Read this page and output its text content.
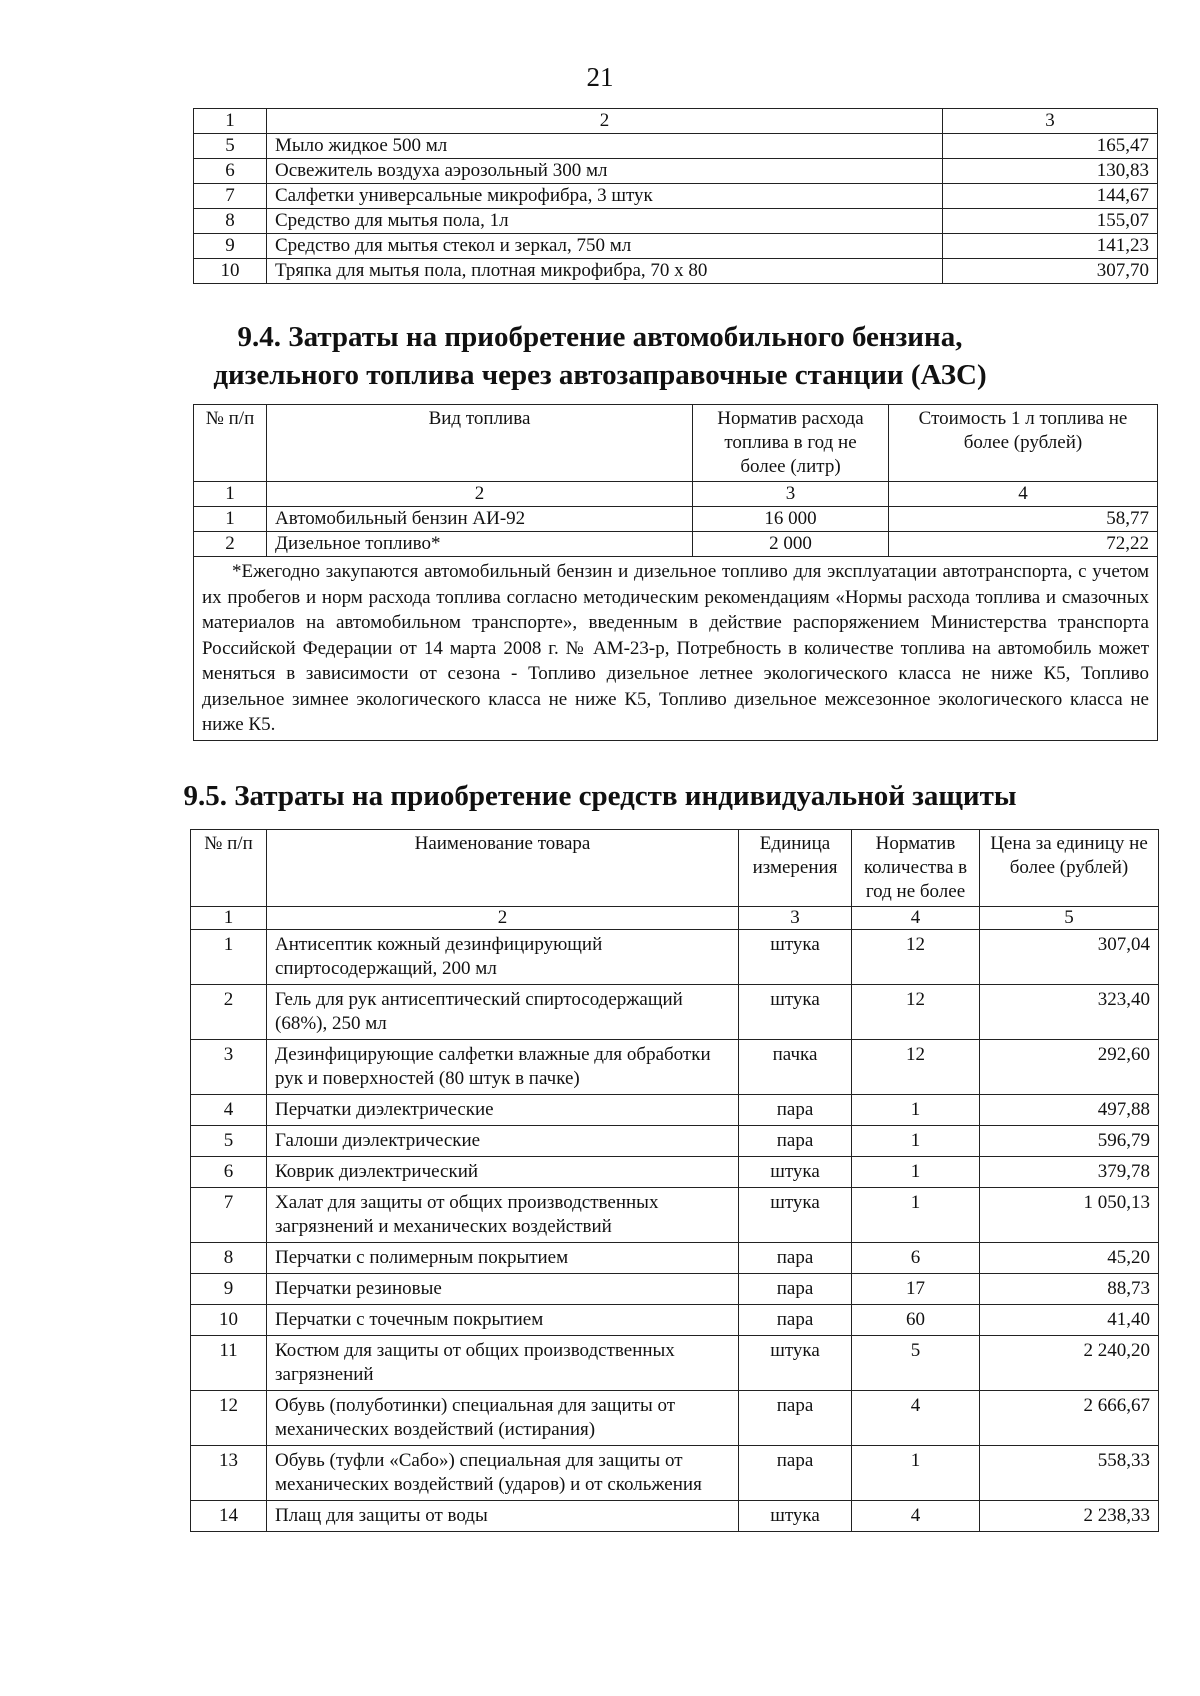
21
1	2	3
5	Мыло жидкое 500 мл	165,47
6	Освежитель воздуха аэрозольный 300 мл	130,83
7	Салфетки универсальные микрофибра, 3 штук	144,67
8	Средство для мытья пола, 1л	155,07
9	Средство для мытья стекол и зеркал, 750 мл	141,23
10	Тряпка для мытья пола, плотная микрофибра, 70 х 80	307,70
9.4. Затраты на приобретение автомобильного бензина,
дизельного топлива через автозаправочные станции (АЗС)
№ п/п	Вид топлива	Норматив расхода топлива в год не более (литр)	Стоимость 1 л топлива не более (рублей)
1	2	3	4
1	Автомобильный бензин АИ-92	16 000	58,77
2	Дизельное топливо*	2 000	72,22
*Ежегодно закупаются автомобильный бензин и дизельное топливо для эксплуатации автотранспорта, с учетом их пробегов и норм расхода топлива согласно методическим рекомендациям «Нормы расхода топлива и смазочных материалов на автомобильном транспорте», введенным в действие распоряжением Министерства транспорта Российской Федерации от 14 марта 2008 г. № АМ-23-р, Потребность в количестве топлива на автомобиль может меняться в зависимости от сезона - Топливо дизельное летнее экологического класса не ниже К5, Топливо дизельное зимнее экологического класса не ниже К5, Топливо дизельное межсезонное экологического класса не ниже К5.			
9.5. Затраты на приобретение средств индивидуальной защиты
№ п/п	Наименование товара	Единица измерения	Норматив количества в год не более	Цена за единицу не более (рублей)
1	2	3	4	5
1	Антисептик кожный дезинфицирующий спиртосодержащий, 200 мл	штука	12	307,04
2	Гель для рук антисептический спиртосодержащий (68%), 250 мл	штука	12	323,40
3	Дезинфицирующие салфетки влажные для обработки рук и поверхностей (80 штук в пачке)	пачка	12	292,60
4	Перчатки диэлектрические	пара	1	497,88
5	Галоши диэлектрические	пара	1	596,79
6	Коврик диэлектрический	штука	1	379,78
7	Халат для защиты от общих производственных загрязнений и механических воздействий	штука	1	1 050,13
8	Перчатки с полимерным покрытием	пара	6	45,20
9	Перчатки резиновые	пара	17	88,73
10	Перчатки с точечным покрытием	пара	60	41,40
11	Костюм для защиты от общих производственных загрязнений	штука	5	2 240,20
12	Обувь (полуботинки) специальная для защиты от механических воздействий (истирания)	пара	4	2 666,67
13	Обувь (туфли «Сабо») специальная для защиты от механических воздействий (ударов) и от скольжения	пара	1	558,33
14	Плащ для защиты от воды	штука	4	2 238,33
